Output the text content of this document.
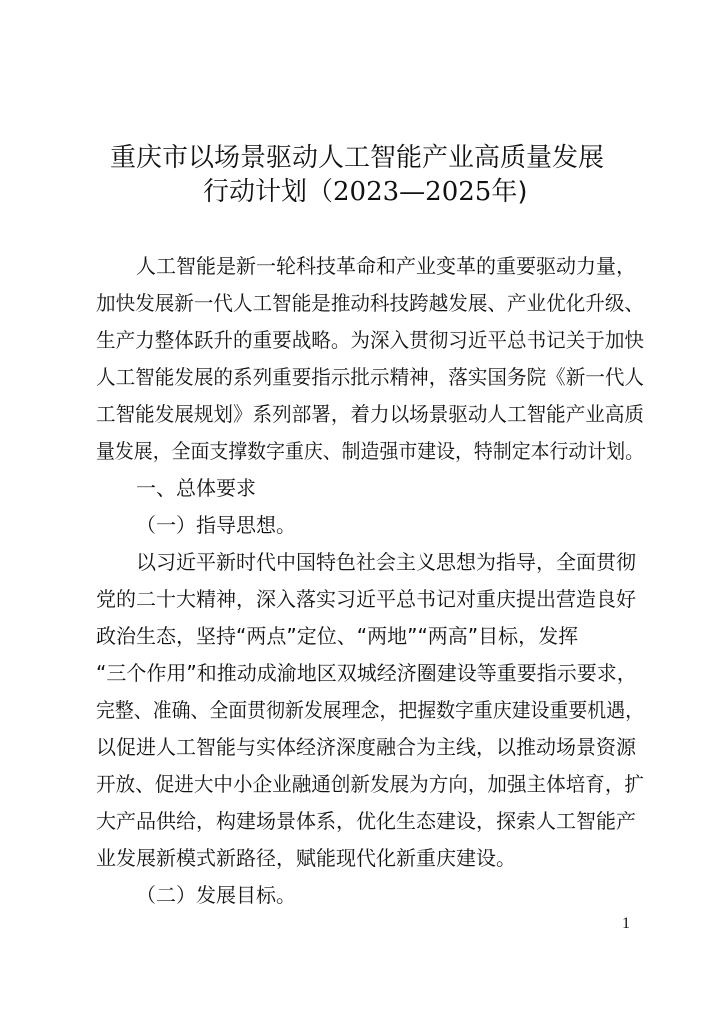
重庆市以场景驱动人工智能产业高质量发展
行动计划（2023—2025年)
人工智能是新一轮科技革命和产业变革的重要驱动力量，
加快发展新一代人工智能是推动科技跨越发展、产业优化升级、
生产力整体跃升的重要战略。为深入贯彻习近平总书记关于加快
人工智能发展的系列重要指示批示精神，落实国务院《新一代人
工智能发展规划》系列部署，着力以场景驱动人工智能产业高质
量发展，全面支撑数字重庆、制造强市建设，特制定本行动计划。
一、总体要求
（一）指导思想。
以习近平新时代中国特色社会主义思想为指导，全面贯彻
党的二十大精神，深入落实习近平总书记对重庆提出营造良好
政治生态，坚持“两点”定位、“两地”“两高”目标，发挥
“三个作用”和推动成渝地区双城经济圈建设等重要指示要求，
完整、准确、全面贯彻新发展理念，把握数字重庆建设重要机遇，
以促进人工智能与实体经济深度融合为主线，以推动场景资源
开放、促进大中小企业融通创新发展为方向，加强主体培育，扩
大产品供给，构建场景体系，优化生态建设，探索人工智能产
业发展新模式新路径，赋能现代化新重庆建设。
（二）发展目标。
1
